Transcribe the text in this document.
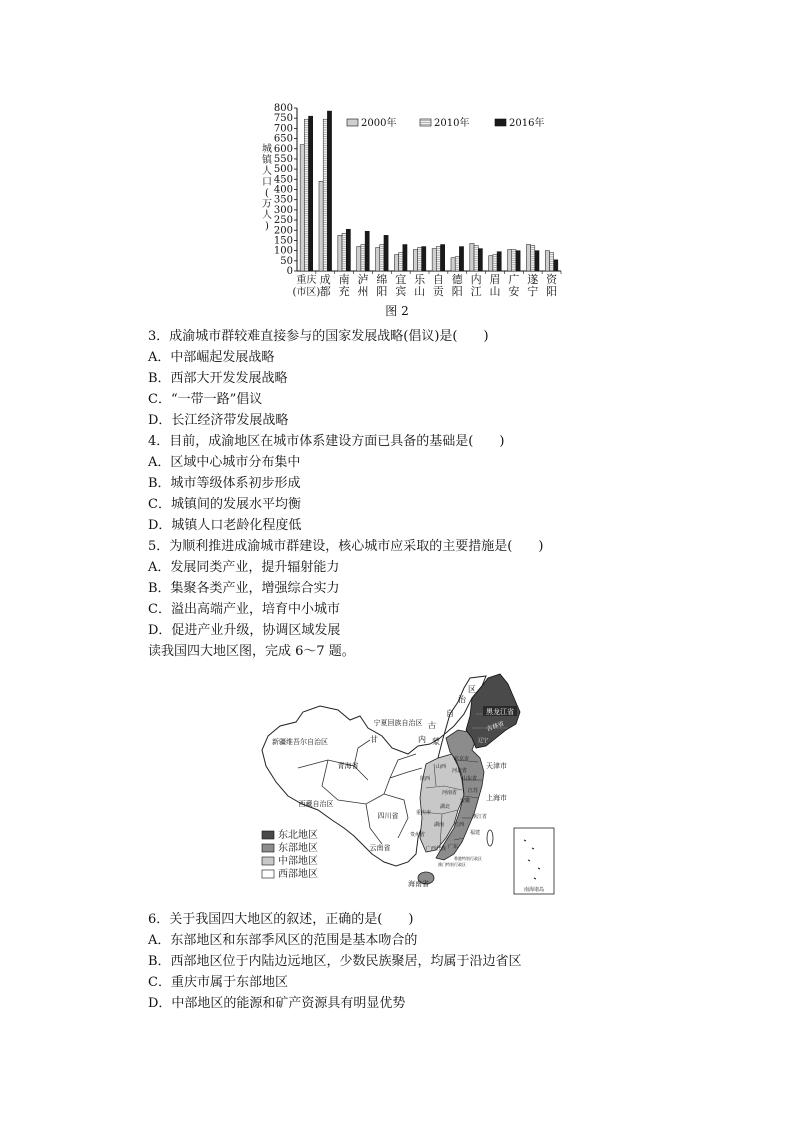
0
50
100
150
200
250
300
350
400
450
500
550
600
650
700
750
800
城
镇
人
口
(
万
人
)
重庆
(市区)
成
都
南
充
泸
州
绵
阳
宜
宾
乐
山
自
贡
德
阳
内
江
眉
山
广
安
遂
宁
资
阳
2000年	2010年	2016年
图 2
3．成渝城市群较难直接参与的国家发展战略(倡议)是(　　)
A．中部崛起发展战略
B．西部大开发发展战略
C．“一带一路”倡议
D．长江经济带发展战略
4．目前，成渝地区在城市体系建设方面已具备的基础是(　　)
A．区域中心城市分布集中
B．城市等级体系初步形成
C．城镇间的发展水平均衡
D．城镇人口老龄化程度低
5．为顺利推进成渝城市群建设，核心城市应采取的主要措施是(　　)
A．发展同类产业，提升辐射能力
B．集聚各类产业，增强综合实力
C．溢出高端产业，培育中小城市
D．促进产业升级，协调区域发展
读我国四大地区图，完成 6～7 题。
南海诸岛
黑龙江省
吉林省
宁夏回族自治区
新疆维吾尔自治区
青海省
西藏自治区
四川省
云南省
甘	内 蒙
古
自
治
区
北京市
河北省
辽宁
天津市
山西
山东省
陕西
河南省 江苏
安徽 上海市
湖北
重庆市
浙江省
湖南 江西
福建
贵州省
广西壮族 广东
香港特别行政区
澳门特别行政区
海南省
东北地区
东部地区
中部地区
西部地区
6．关于我国四大地区的叙述，正确的是(　　)
A．东部地区和东部季风区的范围是基本吻合的
B．西部地区位于内陆边远地区，少数民族聚居，均属于沿边省区
C．重庆市属于东部地区
D．中部地区的能源和矿产资源具有明显优势
